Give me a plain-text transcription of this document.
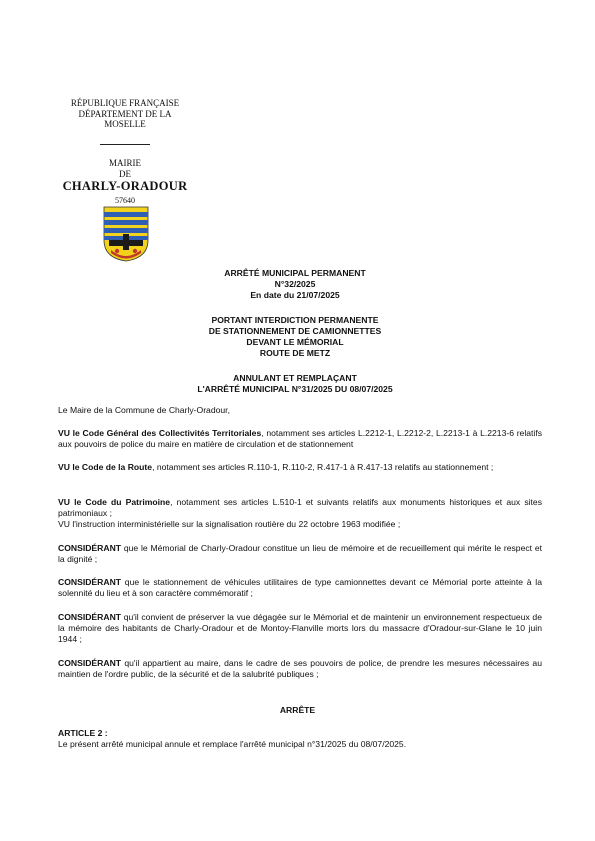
RÉPUBLIQUE FRANÇAISE
DÉPARTEMENT DE LA
MOSELLE
MAIRIE
DE
CHARLY-ORADOUR
57640
ARRÊTÉ MUNICIPAL PERMANENT
N°32/2025
En date du 21/07/2025
PORTANT INTERDICTION PERMANENTE
DE STATIONNEMENT DE CAMIONNETTES
DEVANT LE MÉMORIAL
ROUTE DE METZ
ANNULANT ET REMPLAÇANT
L'ARRÊTÉ MUNICIPAL N°31/2025 DU 08/07/2025

Le Maire de la Commune de Charly-Oradour,

VU le Code Général des Collectivités Territoriales, notamment ses articles L.2212-1, L.2212-2, L.2213-1 à L.2213-6 relatifs aux pouvoirs de police du maire en matière de circulation et de stationnement

VU le Code de la Route, notamment ses articles R.110-1, R.110-2, R.417-1 à R.417-13 relatifs au stationnement ;

VU le Code du Patrimoine, notamment ses articles L.510-1 et suivants relatifs aux monuments historiques et aux sites patrimoniaux ;

VU l'instruction interministérielle sur la signalisation routière du 22 octobre 1963 modifiée ;

CONSIDÉRANT que le Mémorial de Charly-Oradour constitue un lieu de mémoire et de recueillement qui mérite le respect et la dignité ;

CONSIDÉRANT que le stationnement de véhicules utilitaires de type camionnettes devant ce Mémorial porte atteinte à la solennité du lieu et à son caractère commémoratif ;

CONSIDÉRANT qu'il convient de préserver la vue dégagée sur le Mémorial et de maintenir un environnement respectueux de la mémoire des habitants de Charly-Oradour et de Montoy-Flanville morts lors du massacre d'Oradour-sur-Glane le 10 juin 1944 ;

CONSIDÉRANT qu'il appartient au maire, dans le cadre de ses pouvoirs de police, de prendre les mesures nécessaires au maintien de l'ordre public, de la sécurité et de la salubrité publiques ;

ARRÊTE
ARTICLE 2 :
Le présent arrêté municipal annule et remplace l'arrêté municipal n°31/2025 du 08/07/2025.
